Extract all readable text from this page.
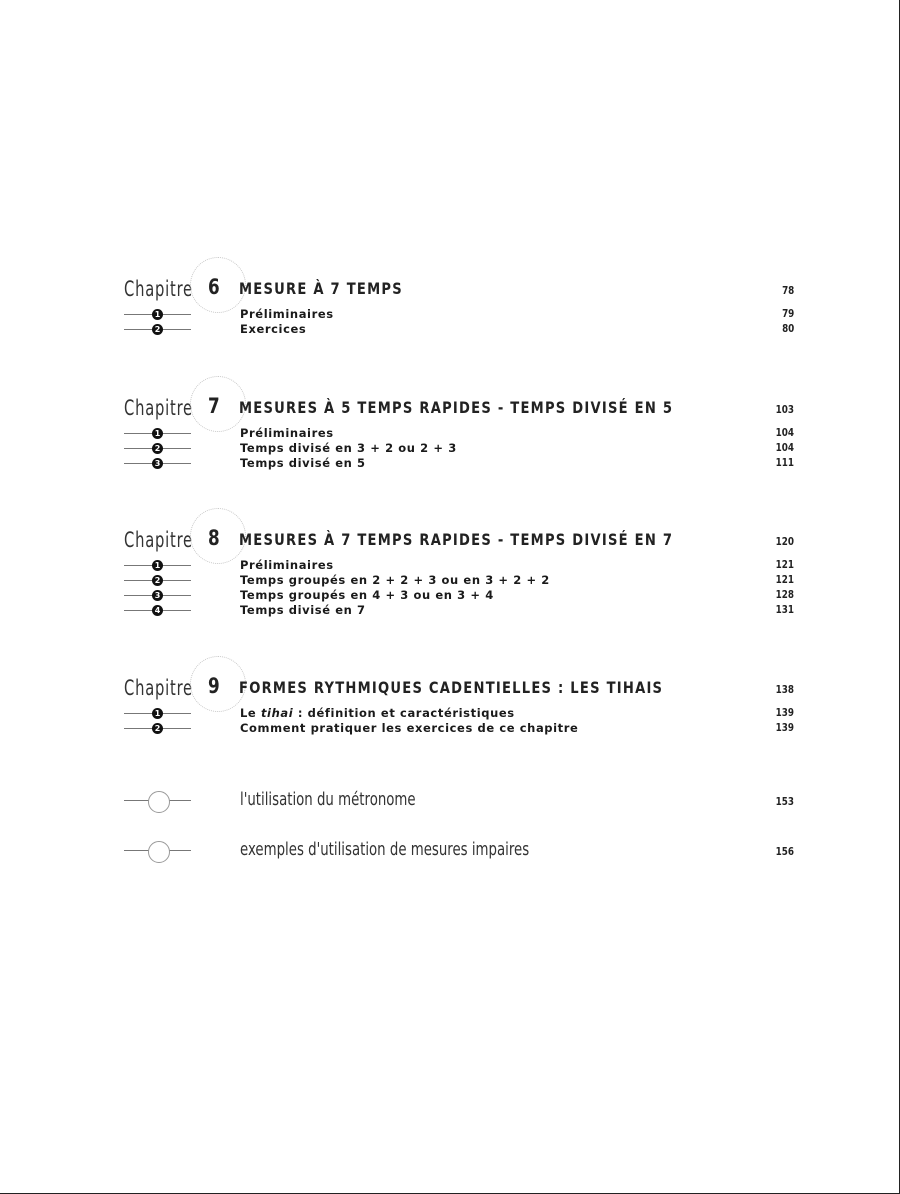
Chapitre 6 MESURE À 7 TEMPS	78
1	Préliminaires	79
2	Exercices	80
Chapitre 7 MESURES À 5 TEMPS RAPIDES - TEMPS DIVISÉ EN 5	103
1	Préliminaires	104
2	Temps divisé en 3 + 2 ou 2 + 3	104
3	Temps divisé en 5	111
Chapitre 8 MESURES À 7 TEMPS RAPIDES - TEMPS DIVISÉ EN 7	120
1	Préliminaires	121
2	Temps groupés en 2 + 2 + 3 ou en 3 + 2 + 2	121
3	Temps groupés en 4 + 3 ou en 3 + 4	128
4	Temps divisé en 7	131
Chapitre 9 FORMES RYTHMIQUES CADENTIELLES : LES TIHAIS	138
1	Le tihai : définition et caractéristiques	139
2	Comment pratiquer les exercices de ce chapitre	139
l'utilisation du métronome	153
exemples d'utilisation de mesures impaires	156
